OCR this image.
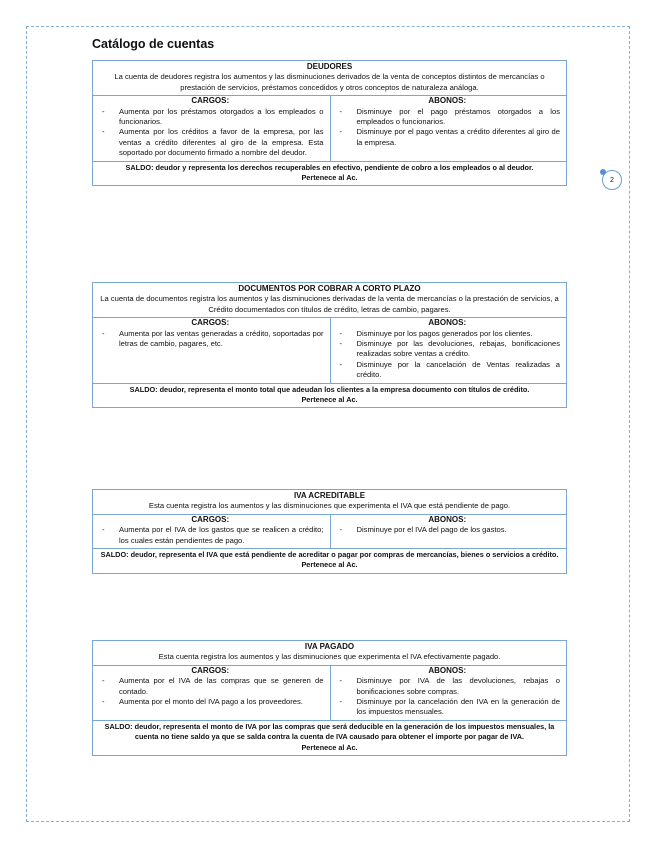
2
Catálogo de cuentas
DEUDORES
La cuenta de deudores registra los aumentos y las disminuciones derivados de la venta de conceptos distintos de mercancías o prestación de servicios, préstamos concedidos y otros conceptos de naturaleza análoga.
CARGOS:
- Aumenta por los préstamos otorgados a los empleados o funcionarios.
- Aumenta por los créditos a favor de la empresa, por las ventas a crédito diferentes al giro de la empresa. Esta soportado por documento firmado a nombre del deudor.
ABONOS:
- Disminuye por el pago préstamos otorgados a los empleados o funcionarios.
- Disminuye por el pago ventas a crédito diferentes al giro de la empresa.
SALDO: deudor y representa los derechos recuperables en efectivo, pendiente de cobro a los empleados o al deudor.
Pertenece al Ac.
DOCUMENTOS POR COBRAR A CORTO PLAZO
La cuenta de documentos registra los aumentos y las disminuciones derivadas de la venta de mercancías o la prestación de servicios, a Crédito documentados con títulos de crédito, letras de cambio, pagares.
CARGOS:
- Aumenta por las ventas generadas a crédito, soportadas por letras de cambio, pagares, etc.
ABONOS:
- Disminuye por los pagos generados por los clientes.
- Disminuye por las devoluciones, rebajas, bonificaciones realizadas sobre ventas a crédito.
- Disminuye por la cancelación de Ventas realizadas a crédito.
SALDO: deudor, representa el monto total que adeudan los clientes a la empresa documento con títulos de crédito.
Pertenece al Ac.
IVA ACREDITABLE
Esta cuenta registra los aumentos y las disminuciones que experimenta el IVA que está pendiente de pago.
CARGOS:
- Aumenta por el IVA de los gastos que se realicen a crédito; los cuales están pendientes de pago.
ABONOS:
- Disminuye por el IVA del pago de los gastos.
SALDO: deudor, representa el IVA que está pendiente de acreditar o pagar por compras de mercancías, bienes o servicios a crédito.
Pertenece al Ac.
IVA PAGADO
Esta cuenta registra los aumentos y las disminuciones que experimenta el IVA efectivamente pagado.
CARGOS:
- Aumenta por el IVA de las compras que se generen de contado.
- Aumenta por el monto del IVA pago a los proveedores.
ABONOS:
- Disminuye por IVA de las devoluciones, rebajas o bonificaciones sobre compras.
- Disminuye por la cancelación den IVA en la generación de los impuestos mensuales.
SALDO: deudor, representa el monto de IVA por las compras que será deducible en la generación de los impuestos mensuales, la cuenta no tiene saldo ya que se salda contra la cuenta de IVA causado para obtener el importe por pagar de IVA.
Pertenece al Ac.
